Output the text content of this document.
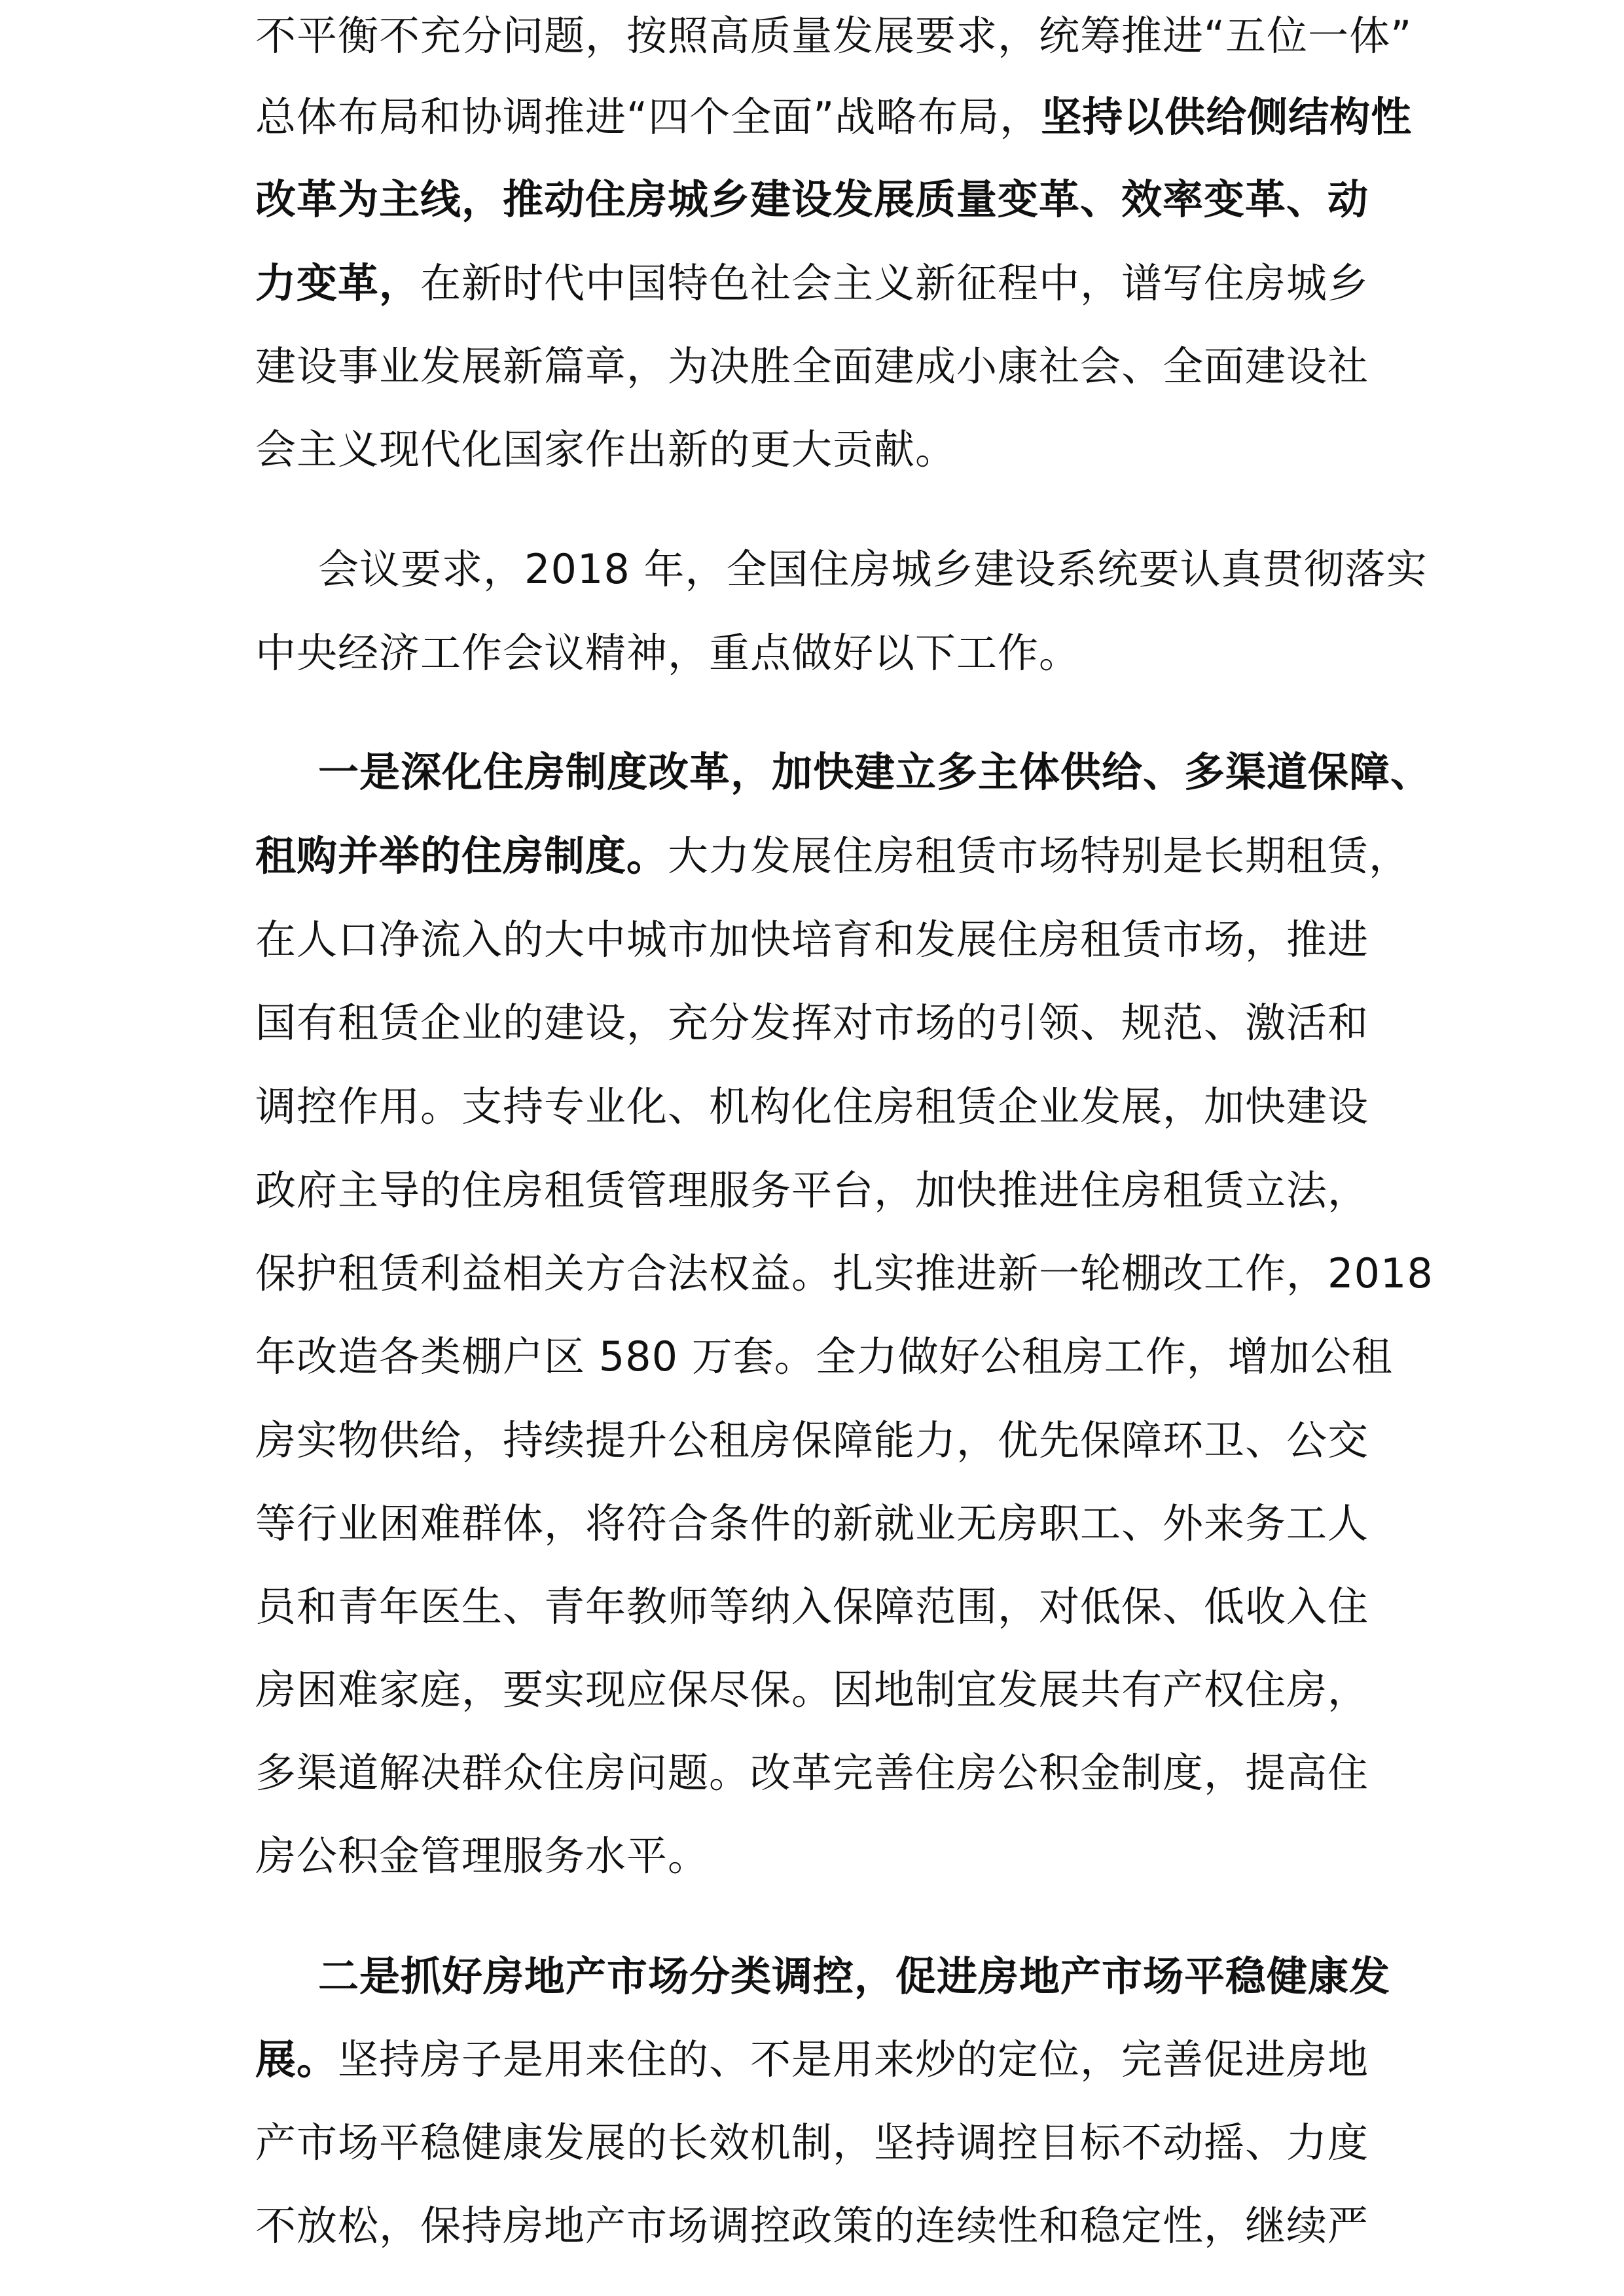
不平衡不充分问题，按照高质量发展要求，统筹推进“五位一体”
总体布局和协调推进“四个全面”战略布局，坚持以供给侧结构性
改革为主线，推动住房城乡建设发展质量变革、效率变革、动
力变革，在新时代中国特色社会主义新征程中，谱写住房城乡
建设事业发展新篇章，为决胜全面建成小康社会、全面建设社
会主义现代化国家作出新的更大贡献。
会议要求，2018 年，全国住房城乡建设系统要认真贯彻落实
中央经济工作会议精神，重点做好以下工作。
一是深化住房制度改革，加快建立多主体供给、多渠道保障、
租购并举的住房制度。大力发展住房租赁市场特别是长期租赁，
在人口净流入的大中城市加快培育和发展住房租赁市场，推进
国有租赁企业的建设，充分发挥对市场的引领、规范、激活和
调控作用。支持专业化、机构化住房租赁企业发展，加快建设
政府主导的住房租赁管理服务平台，加快推进住房租赁立法，
保护租赁利益相关方合法权益。扎实推进新一轮棚改工作，2018
年改造各类棚户区 580 万套。全力做好公租房工作，增加公租
房实物供给，持续提升公租房保障能力，优先保障环卫、公交
等行业困难群体，将符合条件的新就业无房职工、外来务工人
员和青年医生、青年教师等纳入保障范围，对低保、低收入住
房困难家庭，要实现应保尽保。因地制宜发展共有产权住房，
多渠道解决群众住房问题。改革完善住房公积金制度，提高住
房公积金管理服务水平。
二是抓好房地产市场分类调控，促进房地产市场平稳健康发
展。坚持房子是用来住的、不是用来炒的定位，完善促进房地
产市场平稳健康发展的长效机制，坚持调控目标不动摇、力度
不放松，保持房地产市场调控政策的连续性和稳定性，继续严
